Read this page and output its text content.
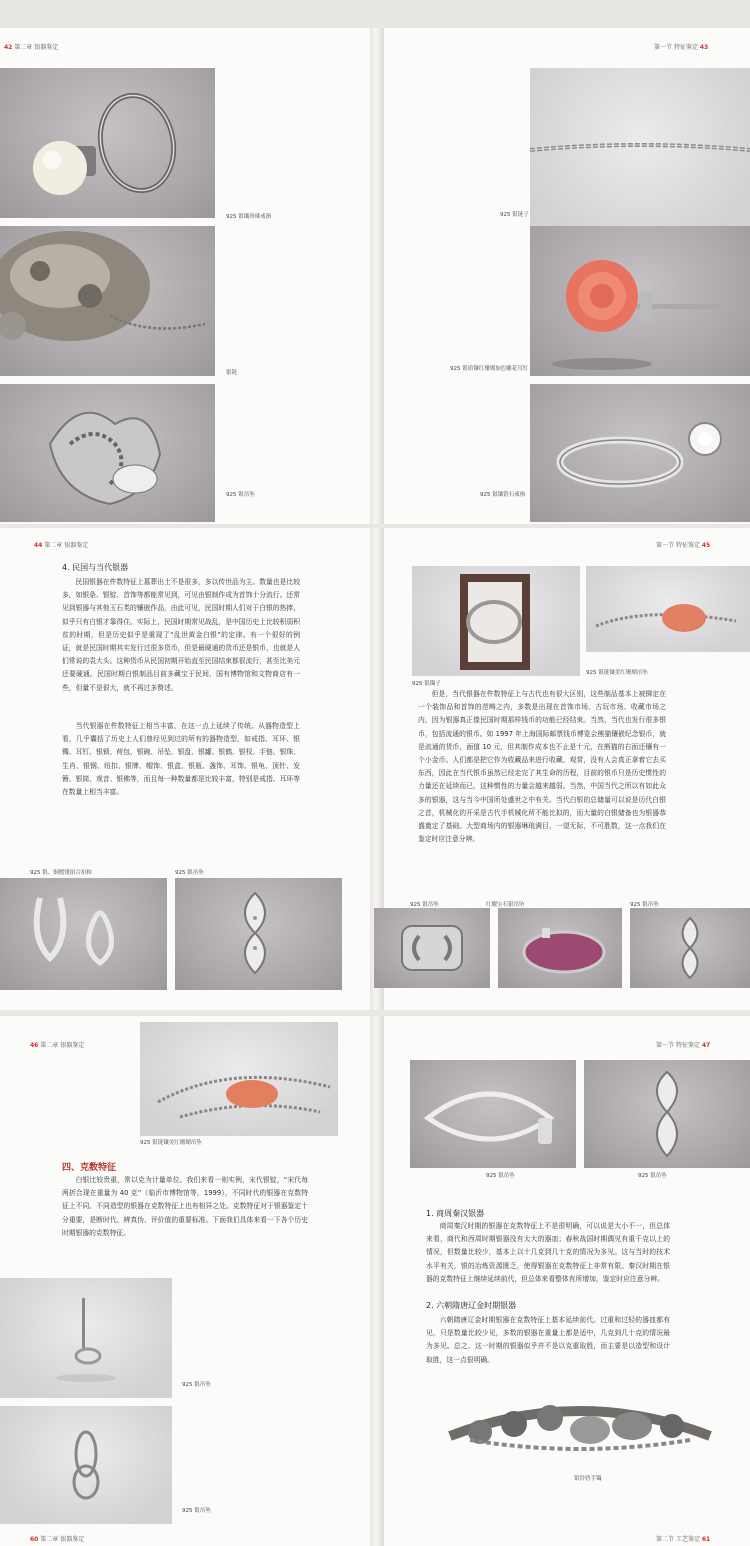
42 第二章 银器鉴定	第一节 特征鉴定 43
925 银镶珍珠戒指
银链
925 银吊坠
925 银链子
925 银质镶红珊瑚加色雕花耳钉
925 银镶锆石戒指
44 第二章 银器鉴定	第一节 特征鉴定 45
4. 民国与当代银器

民国银器在件数特征上墓葬出土不是很多，多以传世品为主。数量也是比较多，如银条、银锭、首饰等都能常见到，可见由银制作成为首饰十分流行。还常见到银器与其他玉石类的镶嵌作品，由此可见，民国时期人们对于白银的热捧，似乎只有白银才靠得住。实际上，民国时期常见战乱，是中国历史上比较积弱积贫的时期，但是历史似乎是重现了“乱世黄金白银”的定律。有一个很好的例证，就是民国时期其实发行过很多货币，但是最硬通的货币还是银币，也就是人们常说的袁大头。这种货币从民国初期开始直至民国结束都很流行，甚至比美元还要硬通。民国时期白银制品目前多藏宝于民间，国有博物馆和文物商店有一些，但量不是很大，就不再过多赘述。

当代银器在件数特征上相当丰富，在这一点上延续了传统。从器物造型上看，几乎囊括了历史上人们曾经见到过的所有的器物造型，如戒指、耳环、银镯、耳钉、银锁、荷包、银碗、吊坠、银盘、银罐、银鹤、银杈、手链、银珠、生肖、银钢、纽扣、银牌、帽饰、银盒、银瓶、盏饰、耳饰、银龟、顶针、发簪、银筒、观音、银佛等，而且每一种数量都是比较丰富，特别是戒指、耳环等在数量上相当丰富。

925 银、铜镀铑组合扣和	925 银吊坠
925 银镯子
925 银链镶美红珊瑚吊坠

但是，当代银器在件数特征上与古代也有很大区别，这些制品基本上被铆定在一个装饰品和首饰的范畴之内，多数是出现在首饰市场、古玩市场、收藏市场之内，因为银器真正像民国时期那样钱币的功能已经结束。当然，当代也发行很多银币，包括流通的银币。如 1997 年上海国际邮票钱币博览会熊猫镶嵌纪念银币，就是流通的货币，面值 10 元，但其制作成本也不止是十元，在熊猫的右面还镶有一个小金币。人们都是把它作为收藏品来进行收藏、观赏，没有人会真正拿着它去买东西，因此在当代银币虽然已经走完了其生命的历程，目前的银币只是历史惯性的力量还在延续而已，这种惯性的力量会越来越弱。当然，中国当代之所以有如此众多的银器，这与当今中国所处盛世之中有关。当代白银的总储量可以说是历代白银之首，机械化的开采是古代手机械化所不能比拟的，而大量的白银储备也为银器恭盛奠定了基础。大型商场内的银器琳琅满目，一望无际，不可胜数，这一点我们在鉴定时应注意分辨。

925 银吊坠	红曜宝石银吊坠	925 银吊坠
46 第二章 银器鉴定	第一节 特征鉴定 47
925 银链镶美红珊瑚吊坠
四、克数特征

白银比较贵重，常以克为计量单位。我们来看一则实例，宋代银锭，“宋代每两折合现在重量为 40 克”（临沂市博物馆等，1999），不同时代的银器在克数特征上不同。不同造型的银器在克数特征上也有相异之处。克数特征对于银器鉴定十分重要，是断时代、辨真伪、评价值的重要标准。下面我们具体来看一下各个历史时期银器的克数特征。

925 银吊坠
925 银吊坠
925 银吊坠	925 银吊坠
1. 商周秦汉银器

商周秦汉时期的银器在克数特征上不是很明确，可以说是大小不一，但总体来看，商代和西周时期银器没有太大的器皿；春秋战国时期偶见有重千克以上的情况，但数量比较少，基本上以十几克到几十克的情况为多见。这与当时的技术水平有关，银的冶炼资源匮乏，使得银器在克数特征上非常有限。秦汉时期在银器的克数特征上继续延续前代，但总体来看整体有所增加，鉴定时应注意分辨。

2. 六朝隋唐辽金时期银器

六朝隋唐辽金时期银器在克数特征上基本延续前代。过重和过轻的器皿都有见，只是数量比较少见，多数的银器在重量上都是适中，几克到几十克的情况最为多见。总之，这一时期的银器似乎并不是以克重取胜，而主要是以造型和设计取胜，这一点很明确。

银铃铛手镯
60 第二章 银器鉴定	第二节 工艺鉴定 61
